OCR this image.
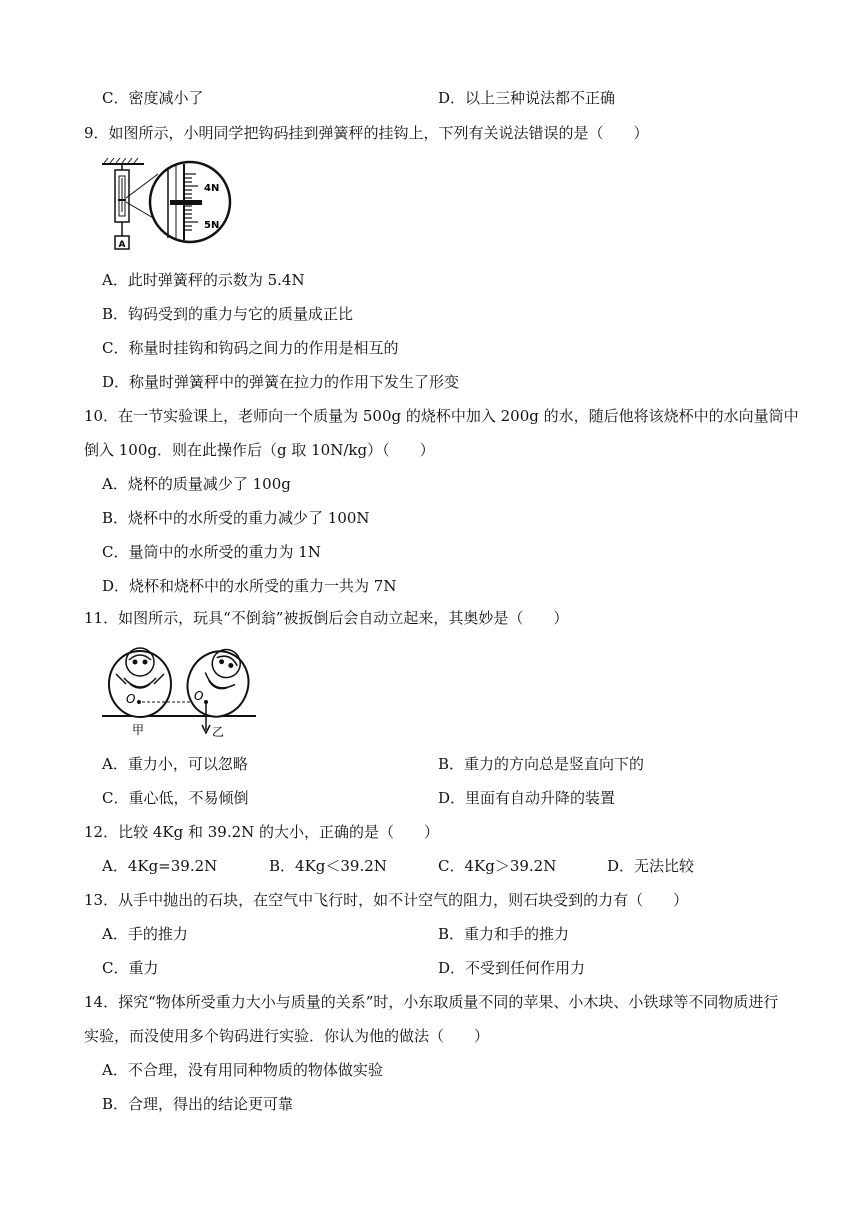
C．密度减小了	D．以上三种说法都不正确
9．如图所示，小明同学把钩码挂到弹簧秤的挂钩上，下列有关说法错误的是（　　）
A
4N
5N
A．此时弹簧秤的示数为 5.4N
B．钩码受到的重力与它的质量成正比
C．称量时挂钩和钩码之间力的作用是相互的
D．称量时弹簧秤中的弹簧在拉力的作用下发生了形变
10．在一节实验课上，老师向一个质量为 500g 的烧杯中加入 200g 的水，随后他将该烧杯中的水向量筒中
倒入 100g．则在此操作后（g 取 10N/kg）（　　）
A．烧杯的质量减少了 100g
B．烧杯中的水所受的重力减少了 100N
C．量筒中的水所受的重力为 1N
D．烧杯和烧杯中的水所受的重力一共为 7N
11．如图所示，玩具“不倒翁”被扳倒后会自动立起来，其奥妙是（　　）
O	O
甲	乙
A．重力小，可以忽略	B．重力的方向总是竖直向下的
C．重心低，不易倾倒	D．里面有自动升降的装置
12．比较 4Kg 和 39.2N 的大小，正确的是（　　）
A．4Kg=39.2N	B．4Kg＜39.2N	C．4Kg＞39.2N	D．无法比较
13．从手中抛出的石块，在空气中飞行时，如不计空气的阻力，则石块受到的力有（　　）
A．手的推力	B．重力和手的推力
C．重力	D．不受到任何作用力
14．探究“物体所受重力大小与质量的关系”时，小东取质量不同的苹果、小木块、小铁球等不同物质进行
实验，而没使用多个钩码进行实验．你认为他的做法（　　）
A．不合理，没有用同种物质的物体做实验
B．合理，得出的结论更可靠
